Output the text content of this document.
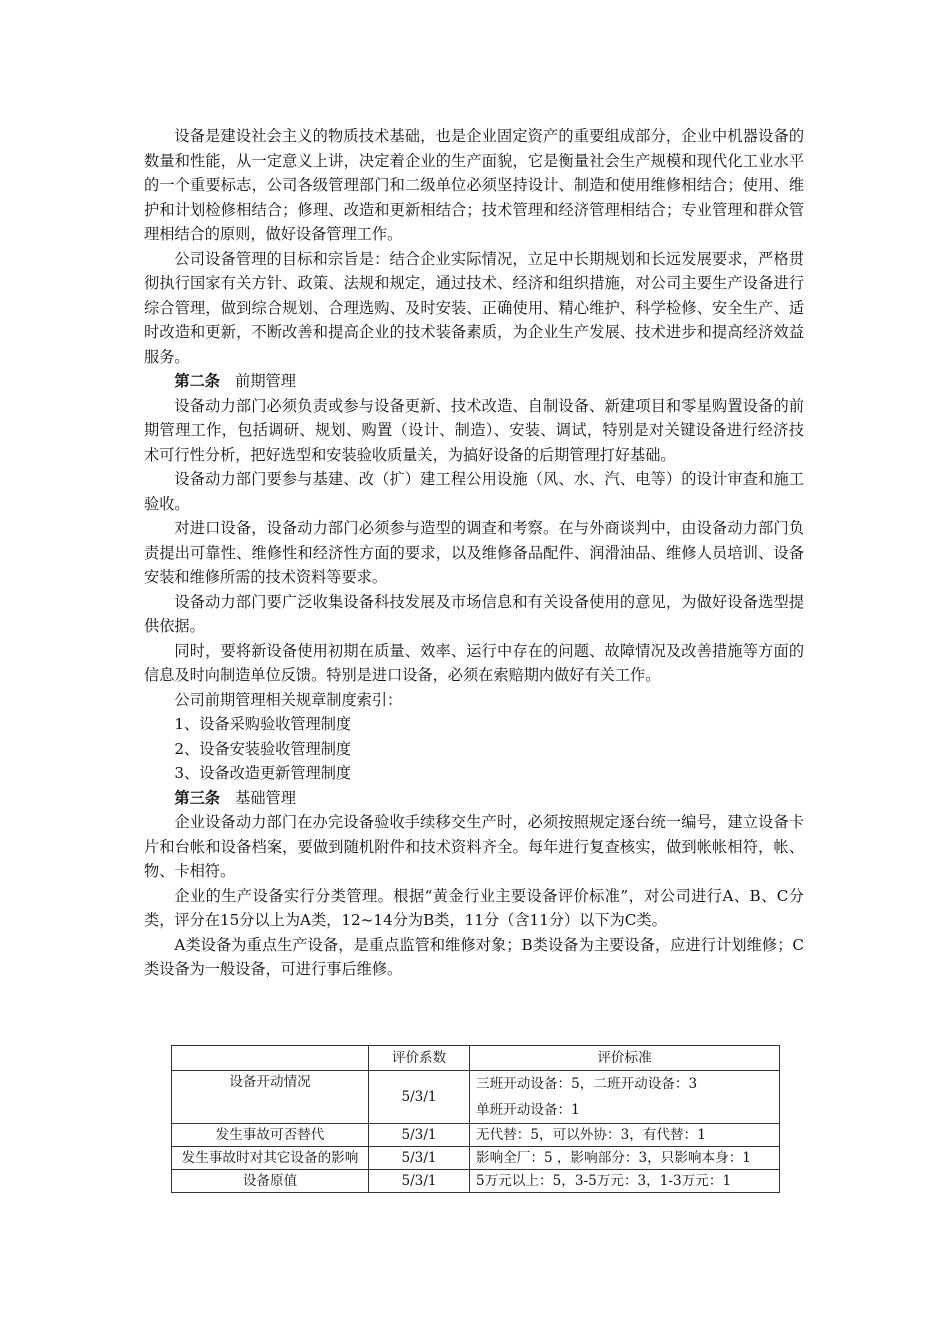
设备是建设社会主义的物质技术基础，也是企业固定资产的重要组成部分，企业中机器设备的数量和性能，从一定意义上讲，决定着企业的生产面貌，它是衡量社会生产规模和现代化工业水平的一个重要标志，公司各级管理部门和二级单位必须坚持设计、制造和使用维修相结合；使用、维护和计划检修相结合；修理、改造和更新相结合；技术管理和经济管理相结合；专业管理和群众管理相结合的原则，做好设备管理工作。

公司设备管理的目标和宗旨是：结合企业实际情况，立足中长期规划和长远发展要求，严格贯彻执行国家有关方针、政策、法规和规定，通过技术、经济和组织措施，对公司主要生产设备进行综合管理，做到综合规划、合理选购、及时安装、正确使用、精心维护、科学检修、安全生产、适时改造和更新，不断改善和提高企业的技术装备素质，为企业生产发展、技术进步和提高经济效益服务。

第二条 前期管理

设备动力部门必须负责或参与设备更新、技术改造、自制设备、新建项目和零星购置设备的前期管理工作，包括调研、规划、购置（设计、制造）、安装、调试，特别是对关键设备进行经济技术可行性分析，把好选型和安装验收质量关，为搞好设备的后期管理打好基础。

设备动力部门要参与基建、改（扩）建工程公用设施（风、水、汽、电等）的设计审查和施工验收。

对进口设备，设备动力部门必须参与造型的调查和考察。在与外商谈判中，由设备动力部门负责提出可靠性、维修性和经济性方面的要求，以及维修备品配件、润滑油品、维修人员培训、设备安装和维修所需的技术资料等要求。

设备动力部门要广泛收集设备科技发展及市场信息和有关设备使用的意见，为做好设备选型提供依据。

同时，要将新设备使用初期在质量、效率、运行中存在的问题、故障情况及改善措施等方面的信息及时向制造单位反馈。特别是进口设备，必须在索赔期内做好有关工作。

公司前期管理相关规章制度索引：

1、设备采购验收管理制度

2、设备安装验收管理制度

3、设备改造更新管理制度

第三条 基础管理

企业设备动力部门在办完设备验收手续移交生产时，必须按照规定逐台统一编号，建立设备卡片和台帐和设备档案，要做到随机附件和技术资料齐全。每年进行复查核实，做到帐帐相符，帐、物、卡相符。

企业的生产设备实行分类管理。根据“黄金行业主要设备评价标准”，对公司进行A、B、C分类，评分在15分以上为A类，12~14分为B类，11分（含11分）以下为C类。

A类设备为重点生产设备，是重点监管和维修对象；B类设备为主要设备，应进行计划维修；C类设备为一般设备，可进行事后维修。

	评价系数	评价标准
设备开动情况	5/3/1	三班开动设备：5，二班开动设备：3
单班开动设备：1

发生事故可否替代	5/3/1	无代替：5，可以外协：3，有代替：1
发生事故时对其它设备的影响	5/3/1	影响全厂：5 ，影响部分：3，只影响本身：1
设备原值	5/3/1	5万元以上：5，3-5万元：3，1-3万元：1
